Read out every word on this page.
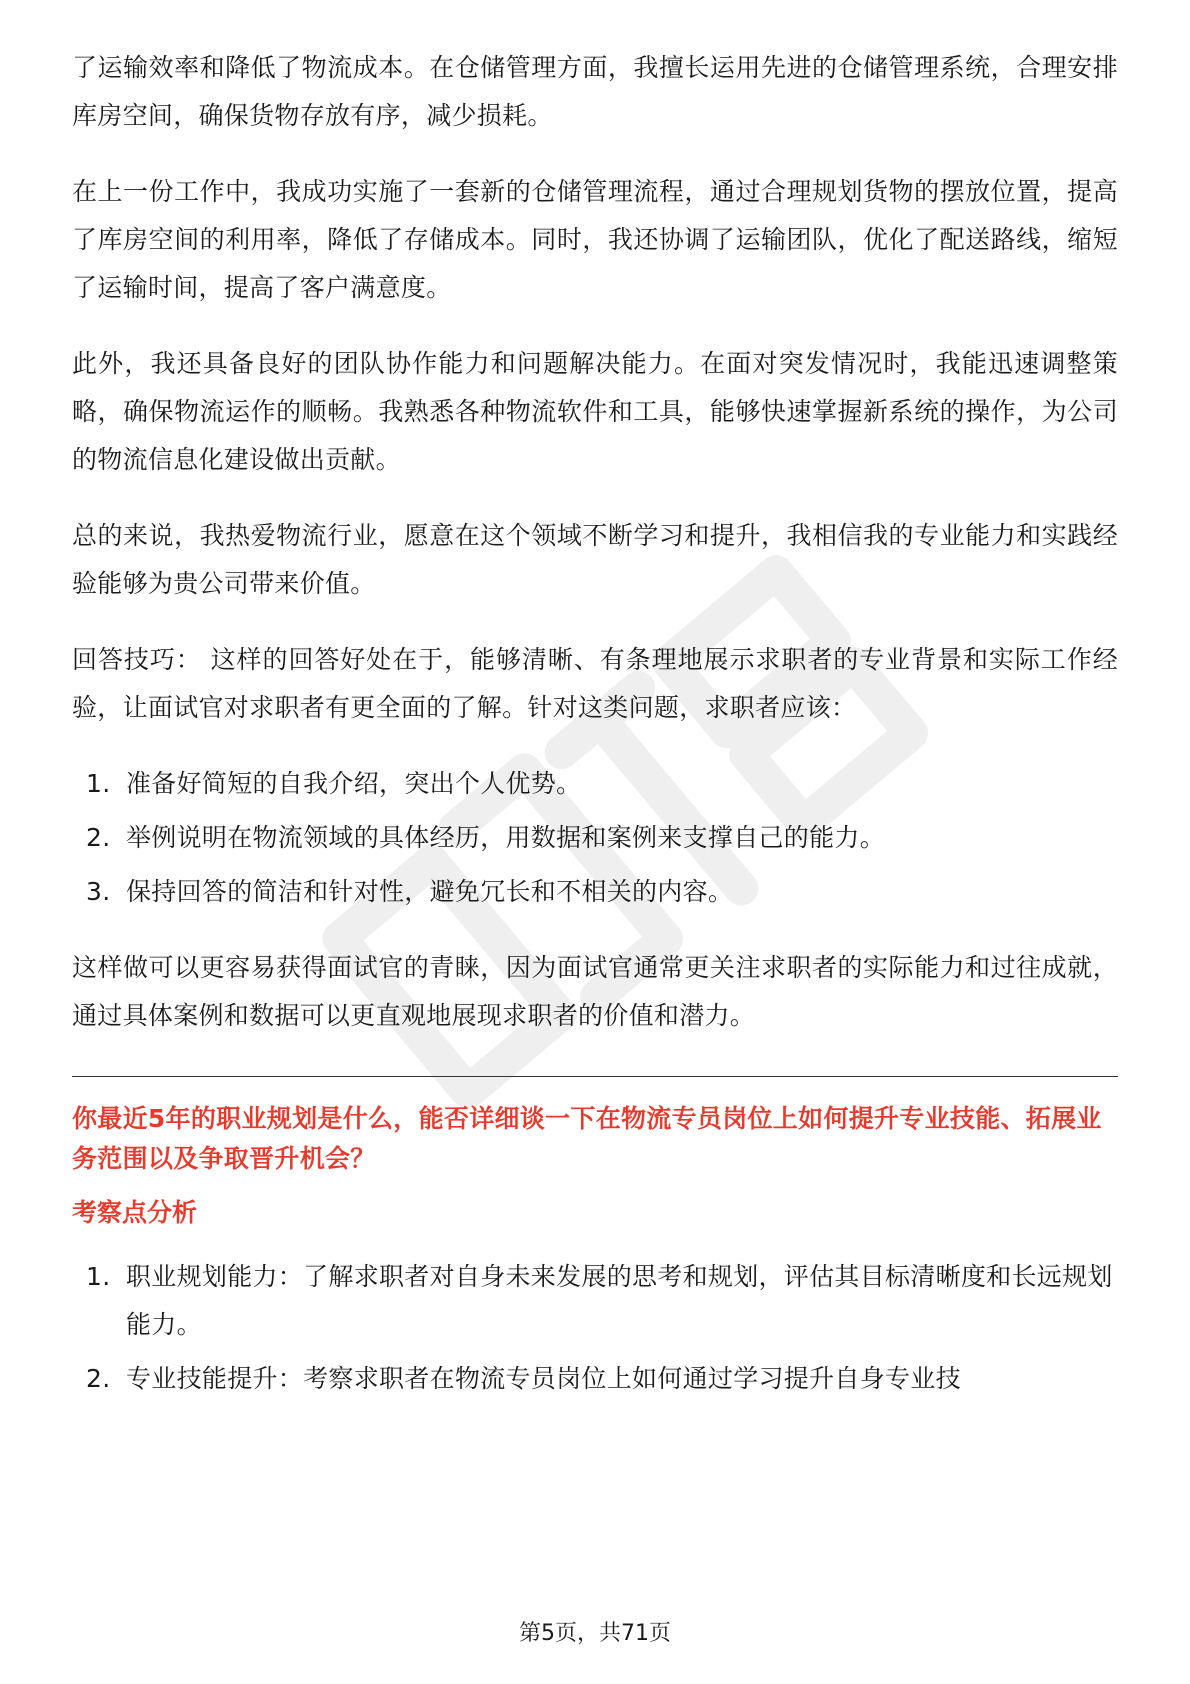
了运输效率和降低了物流成本。在仓储管理方面，我擅长运用先进的仓储管理系统，合理安排库房空间，确保货物存放有序，减少损耗。

在上一份工作中，我成功实施了一套新的仓储管理流程，通过合理规划货物的摆放位置，提高了库房空间的利用率，降低了存储成本。同时，我还协调了运输团队，优化了配送路线，缩短了运输时间，提高了客户满意度。

此外，我还具备良好的团队协作能力和问题解决能力。在面对突发情况时，我能迅速调整策略，确保物流运作的顺畅。我熟悉各种物流软件和工具，能够快速掌握新系统的操作，为公司的物流信息化建设做出贡献。

总的来说，我热爱物流行业，愿意在这个领域不断学习和提升，我相信我的专业能力和实践经验能够为贵公司带来价值。

回答技巧： 这样的回答好处在于，能够清晰、有条理地展示求职者的专业背景和实际工作经验，让面试官对求职者有更全面的了解。针对这类问题，求职者应该：

1. 准备好简短的自我介绍，突出个人优势。
2. 举例说明在物流领域的具体经历，用数据和案例来支撑自己的能力。
3. 保持回答的简洁和针对性，避免冗长和不相关的内容。

这样做可以更容易获得面试官的青睐，因为面试官通常更关注求职者的实际能力和过往成就，通过具体案例和数据可以更直观地展现求职者的价值和潜力。

你最近5年的职业规划是什么，能否详细谈一下在物流专员岗位上如何提升专业技能、拓展业务范围以及争取晋升机会？
考察点分析
1. 职业规划能力：了解求职者对自身未来发展的思考和规划，评估其目标清晰度和长远规划能力。
2. 专业技能提升：考察求职者在物流专员岗位上如何通过学习提升自身专业技
第5页，共71页
